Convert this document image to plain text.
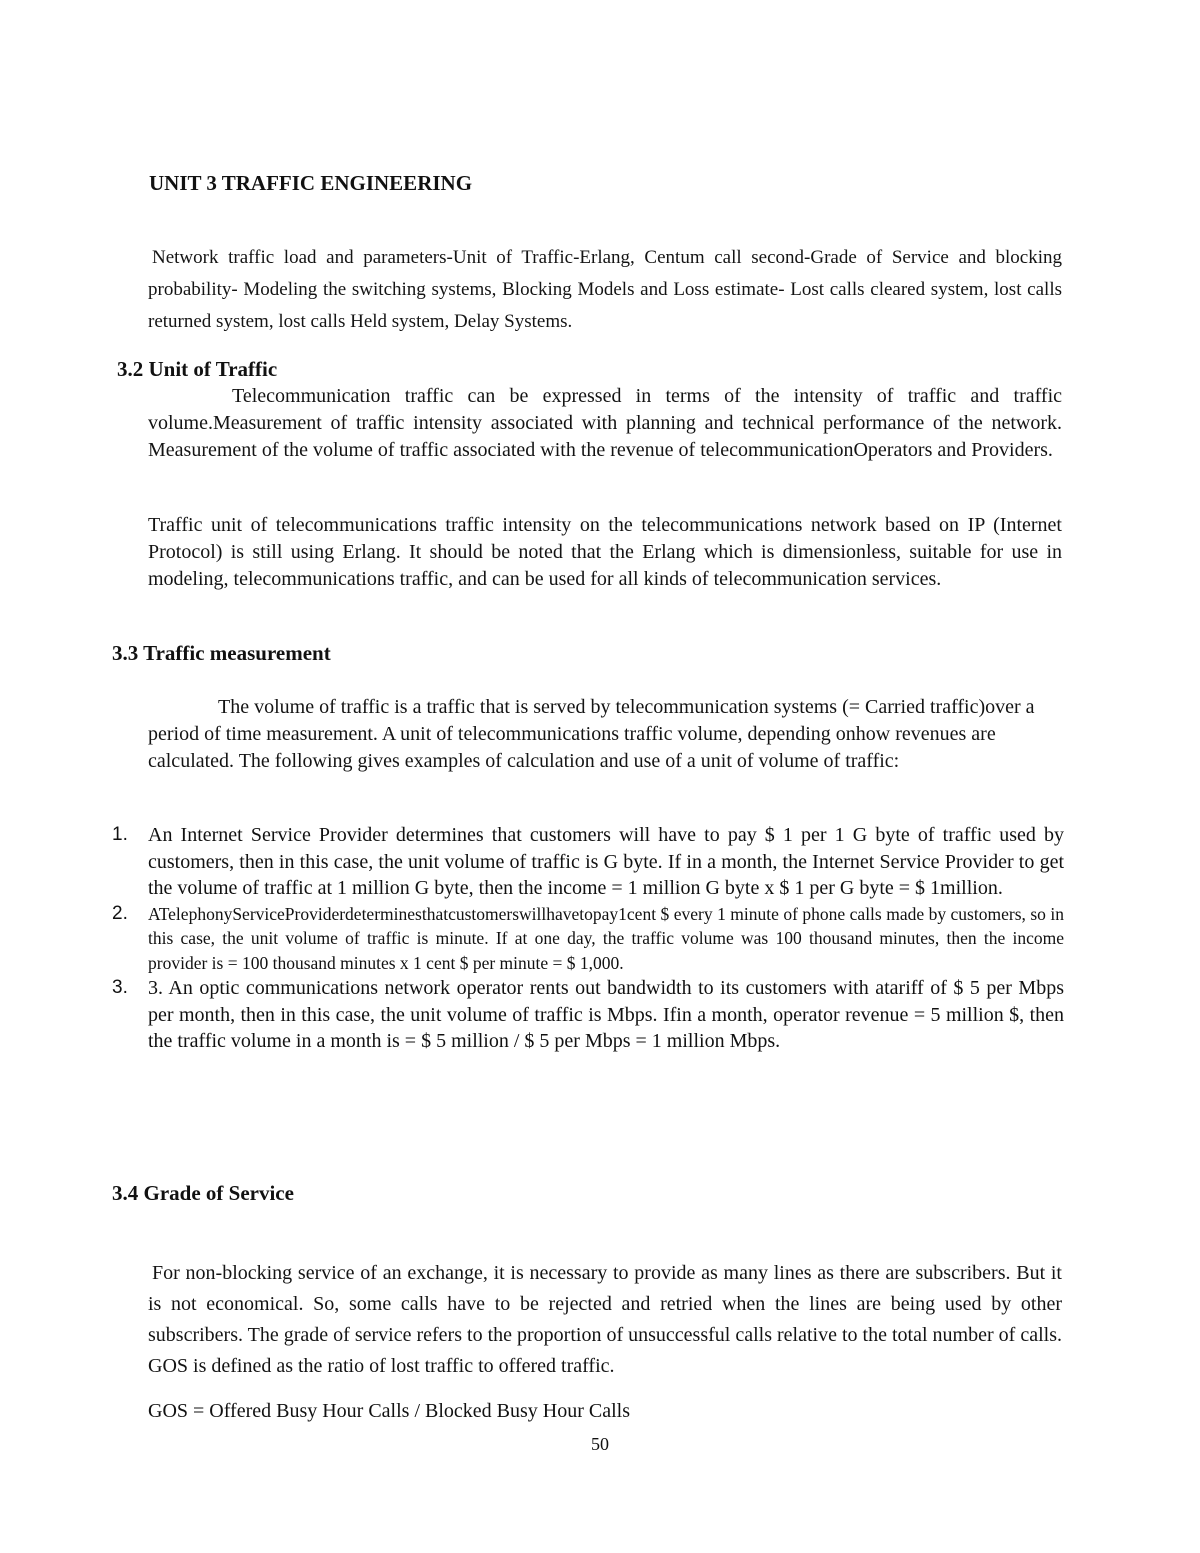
UNIT 3 TRAFFIC ENGINEERING
Network traffic load and parameters-Unit of Traffic-Erlang, Centum call second-Grade of Service and blocking probability- Modeling the switching systems, Blocking Models and Loss estimate- Lost calls cleared system, lost calls returned system, lost calls Held system, Delay Systems.
3.2 Unit of Traffic
Telecommunication traffic can be expressed in terms of the intensity of traffic and traffic volume.Measurement of traffic intensity associated with planning and technical performance of the network. Measurement of the volume of traffic associated with the revenue of telecommunicationOperators and Providers.
Traffic unit of telecommunications traffic intensity on the telecommunications network based on IP (Internet Protocol) is still using Erlang. It should be noted that the Erlang which is dimensionless, suitable for use in modeling, telecommunications traffic, and can be used for all kinds of telecommunication services.
3.3 Traffic measurement
The volume of traffic is a traffic that is served by telecommunication systems (= Carried traffic)over a period of time measurement. A unit of telecommunications traffic volume, depending onhow revenues are calculated. The following gives examples of calculation and use of a unit of volume of traffic:
1. An Internet Service Provider determines that customers will have to pay $ 1 per 1 G byte of traffic used by customers, then in this case, the unit volume of traffic is G byte. If in a month, the Internet Service Provider to get the volume of traffic at 1 million G byte, then the income = 1 million G byte x $ 1 per G byte = $ 1million.
2. ATelephonyServiceProviderdeterminesthatcustomerswillhavetopay1cent $ every 1 minute of phone calls made by customers, so in this case, the unit volume of traffic is minute. If at one day, the traffic volume was 100 thousand minutes, then the income provider is = 100 thousand minutes x 1 cent $ per minute = $ 1,000.
3. 3. An optic communications network operator rents out bandwidth to its customers with atariff of $ 5 per Mbps per month, then in this case, the unit volume of traffic is Mbps. Ifin a month, operator revenue = 5 million $, then the traffic volume in a month is = $ 5 million / $ 5 per Mbps = 1 million Mbps.
3.4 Grade of Service
For non-blocking service of an exchange, it is necessary to provide as many lines as there are subscribers. But it is not economical. So, some calls have to be rejected and retried when the lines are being used by other subscribers. The grade of service refers to the proportion of unsuccessful calls relative to the total number of calls. GOS is defined as the ratio of lost traffic to offered traffic.
GOS = Offered Busy Hour Calls / Blocked Busy Hour Calls
50
